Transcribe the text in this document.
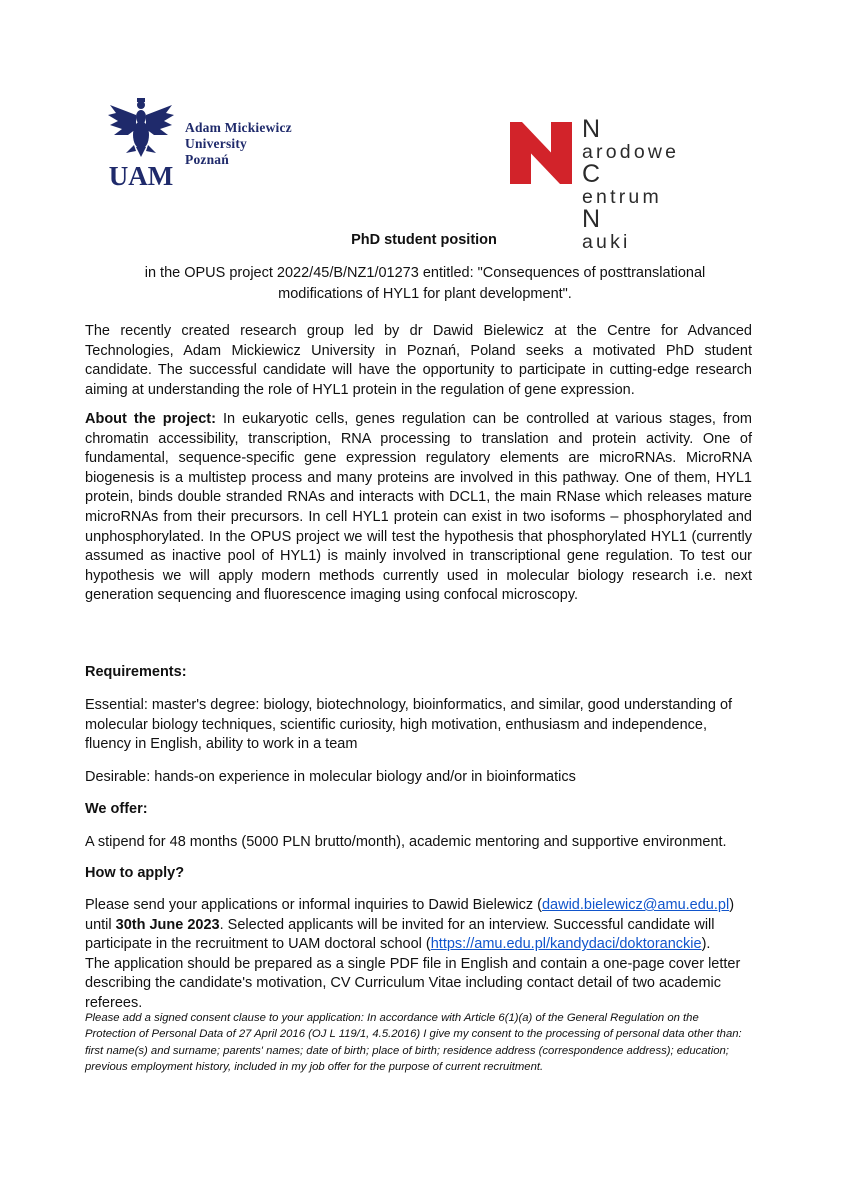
UAM
Adam Mickiewicz
University
Poznań
N
arodowe
C
entrum
N
auki
PhD student position
in the OPUS project 2022/45/B/NZ1/01273 entitled: "Consequences of posttranslational modifications of HYL1 for plant development".
The recently created research group led by dr Dawid Bielewicz at the Centre for Advanced Technologies, Adam Mickiewicz University in Poznań, Poland seeks a motivated PhD student candidate. The successful candidate will have the opportunity to participate in cutting-edge research aiming at understanding the role of HYL1 protein in the regulation of gene expression.
About the project: In eukaryotic cells, genes regulation can be controlled at various stages, from chromatin accessibility, transcription, RNA processing to translation and protein activity. One of fundamental, sequence-specific gene expression regulatory elements are microRNAs. MicroRNA biogenesis is a multistep process and many proteins are involved in this pathway. One of them, HYL1 protein, binds double stranded RNAs and interacts with DCL1, the main RNase which releases mature microRNAs from their precursors. In cell HYL1 protein can exist in two isoforms – phosphorylated and unphosphorylated. In the OPUS project we will test the hypothesis that phosphorylated HYL1 (currently assumed as inactive pool of HYL1) is mainly involved in transcriptional gene regulation. To test our hypothesis we will apply modern methods currently used in molecular biology research i.e. next generation sequencing and fluorescence imaging using confocal microscopy.
Requirements:
Essential: master's degree: biology, biotechnology, bioinformatics, and similar, good understanding of molecular biology techniques, scientific curiosity, high motivation, enthusiasm and independence, fluency in English, ability to work in a team
Desirable: hands-on experience in molecular biology and/or in bioinformatics
We offer:
A stipend for 48 months (5000 PLN brutto/month), academic mentoring and supportive environment.
How to apply?
Please send your applications or informal inquiries to Dawid Bielewicz (dawid.bielewicz@amu.edu.pl)
until 30th June 2023. Selected applicants will be invited for an interview. Successful candidate will participate in the recruitment to UAM doctoral school (https://amu.edu.pl/kandydaci/doktoranckie).
The application should be prepared as a single PDF file in English and contain a one-page cover letter describing the candidate's motivation, CV Curriculum Vitae including contact detail of two academic referees.
Please add a signed consent clause to your application: In accordance with Article 6(1)(a) of the General Regulation on the Protection of Personal Data of 27 April 2016 (OJ L 119/1, 4.5.2016) I give my consent to the processing of personal data other than: first name(s) and surname; parents' names; date of birth; place of birth; residence address (correspondence address); education; previous employment history, included in my job offer for the purpose of current recruitment.
